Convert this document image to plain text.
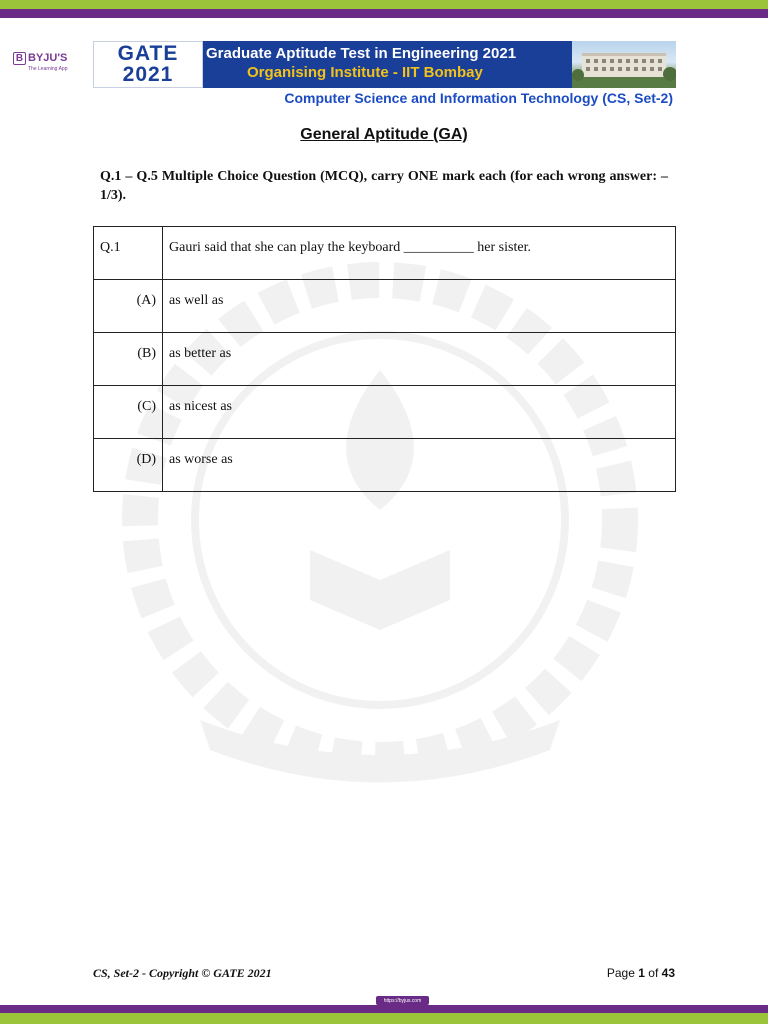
B BYJU'S
The Learning App
GATE
2021
Graduate Aptitude Test in Engineering 2021
Organising Institute - IIT Bombay
Computer Science and Information Technology (CS, Set-2)
General Aptitude (GA)
Q.1 – Q.5 Multiple Choice Question (MCQ), carry ONE mark each (for each wrong answer: – 1/3).
Q.1	Gauri said that she can play the keyboard __________ her sister.
(A)	as well as
(B)	as better as
(C)	as nicest as
(D)	as worse as
CS, Set-2 - Copyright © GATE 2021	Page 1 of 43
https://byjus.com
